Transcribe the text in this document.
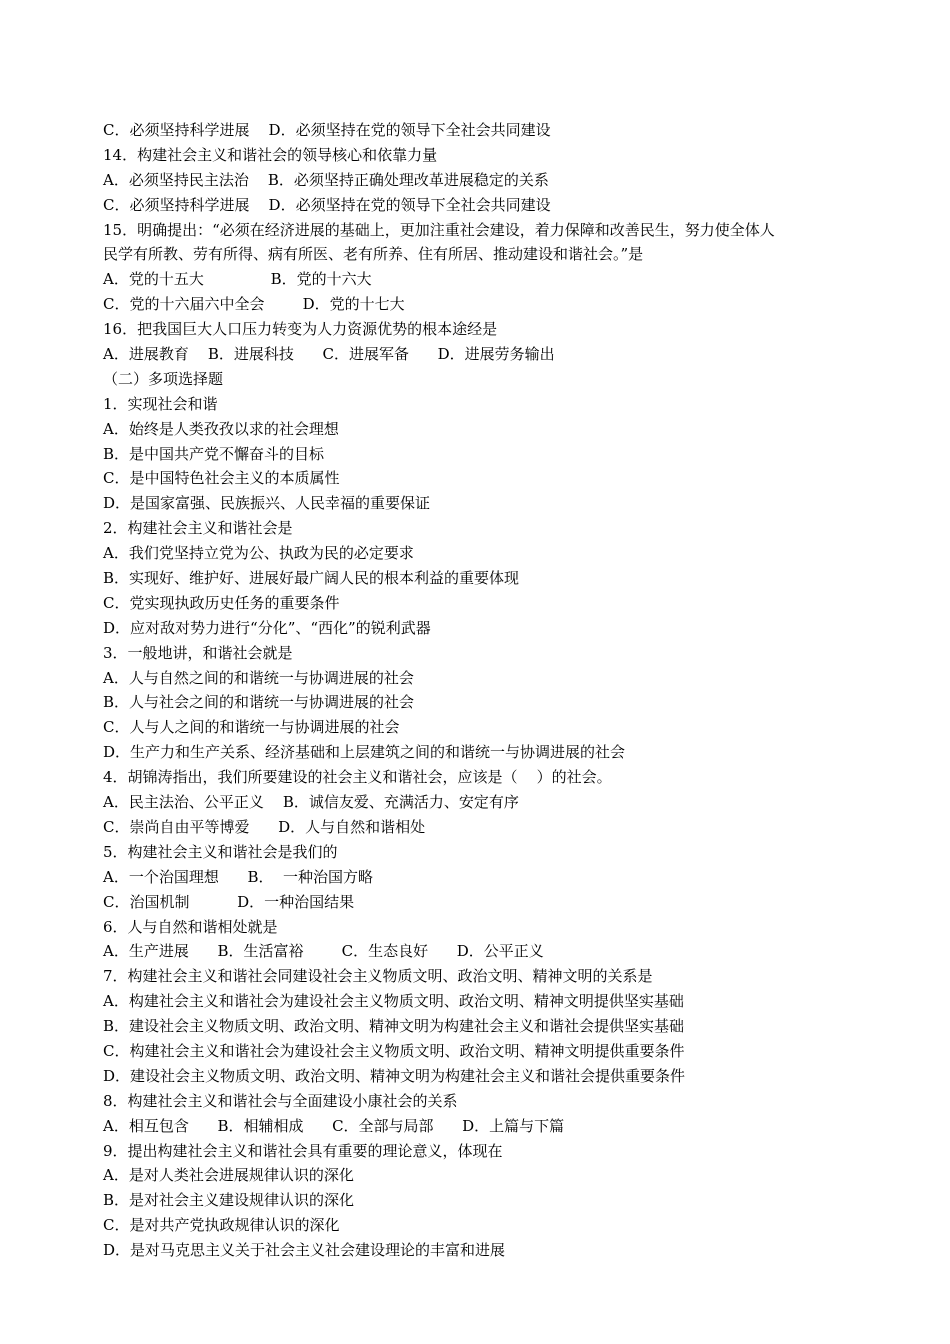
C．必须坚持科学进展    D．必须坚持在党的领导下全社会共同建设
14．构建社会主义和谐社会的领导核心和依靠力量
A．必须坚持民主法治    B．必须坚持正确处理改革进展稳定的关系
C．必须坚持科学进展    D．必须坚持在党的领导下全社会共同建设
15．明确提出：“必须在经济进展的基础上，更加注重社会建设，着力保障和改善民生，努力使全体人
民学有所教、劳有所得、病有所医、老有所养、住有所居、推动建设和谐社会。”是
A．党的十五大              B．党的十六大
C．党的十六届六中全会        D．党的十七大
16．把我国巨大人口压力转变为人力资源优势的根本途经是
A．进展教育    B．进展科技      C．进展军备      D．进展劳务输出
（二）多项选择题
1．实现社会和谐
A．始终是人类孜孜以求的社会理想
B．是中国共产党不懈奋斗的目标
C．是中国特色社会主义的本质属性
D．是国家富强、民族振兴、人民幸福的重要保证
2．构建社会主义和谐社会是
A．我们党坚持立党为公、执政为民的必定要求
B．实现好、维护好、进展好最广阔人民的根本利益的重要体现
C．党实现执政历史任务的重要条件
D．应对敌对势力进行“分化”、“西化”的锐利武器
3．一般地讲，和谐社会就是
A．人与自然之间的和谐统一与协调进展的社会
B．人与社会之间的和谐统一与协调进展的社会
C．人与人之间的和谐统一与协调进展的社会
D．生产力和生产关系、经济基础和上层建筑之间的和谐统一与协调进展的社会
4．胡锦涛指出，我们所要建设的社会主义和谐社会，应该是（    ）的社会。
A．民主法治、公平正义    B．诚信友爱、充满活力、安定有序
C．崇尚自由平等博爱      D．人与自然和谐相处
5．构建社会主义和谐社会是我们的
A．一个治国理想      B．  一种治国方略
C．治国机制          D．一种治国结果
6．人与自然和谐相处就是
A．生产进展      B．生活富裕        C．生态良好      D．公平正义
7．构建社会主义和谐社会同建设社会主义物质文明、政治文明、精神文明的关系是
A．构建社会主义和谐社会为建设社会主义物质文明、政治文明、精神文明提供坚实基础
B．建设社会主义物质文明、政治文明、精神文明为构建社会主义和谐社会提供坚实基础
C．构建社会主义和谐社会为建设社会主义物质文明、政治文明、精神文明提供重要条件
D．建设社会主义物质文明、政治文明、精神文明为构建社会主义和谐社会提供重要条件
8．构建社会主义和谐社会与全面建设小康社会的关系
A．相互包含      B．相辅相成      C．全部与局部      D．上篇与下篇
9．提出构建社会主义和谐社会具有重要的理论意义，体现在
A．是对人类社会进展规律认识的深化
B．是对社会主义建设规律认识的深化
C．是对共产党执政规律认识的深化
D．是对马克思主义关于社会主义社会建设理论的丰富和进展
